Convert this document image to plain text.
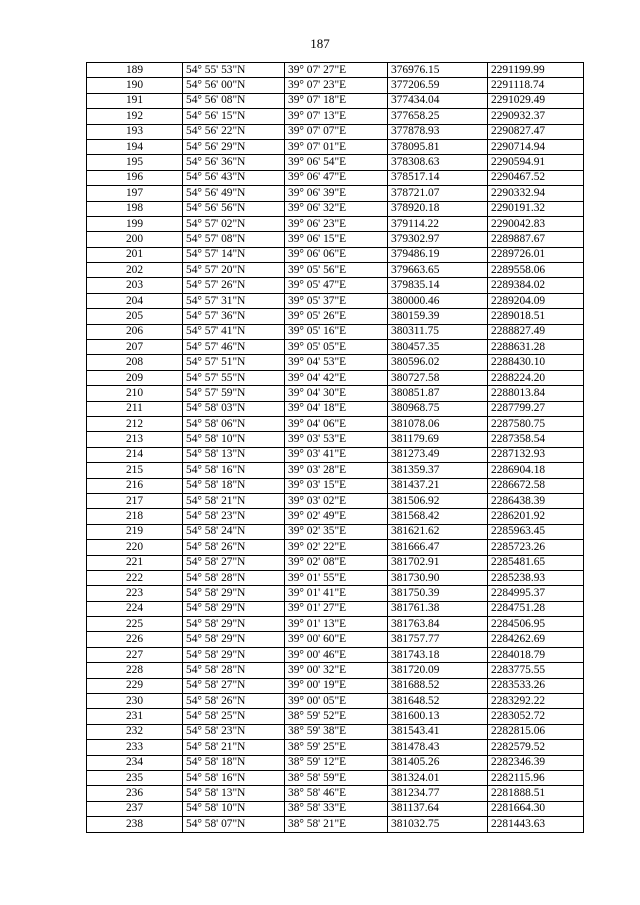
187
189	54° 55' 53"N	39° 07' 27"E	376976.15	2291199.99
190	54° 56' 00"N	39° 07' 23"E	377206.59	2291118.74
191	54° 56' 08"N	39° 07' 18"E	377434.04	2291029.49
192	54° 56' 15"N	39° 07' 13"E	377658.25	2290932.37
193	54° 56' 22"N	39° 07' 07"E	377878.93	2290827.47
194	54° 56' 29"N	39° 07' 01"E	378095.81	2290714.94
195	54° 56' 36"N	39° 06' 54"E	378308.63	2290594.91
196	54° 56' 43"N	39° 06' 47"E	378517.14	2290467.52
197	54° 56' 49"N	39° 06' 39"E	378721.07	2290332.94
198	54° 56' 56"N	39° 06' 32"E	378920.18	2290191.32
199	54° 57' 02"N	39° 06' 23"E	379114.22	2290042.83
200	54° 57' 08"N	39° 06' 15"E	379302.97	2289887.67
201	54° 57' 14"N	39° 06' 06"E	379486.19	2289726.01
202	54° 57' 20"N	39° 05' 56"E	379663.65	2289558.06
203	54° 57' 26"N	39° 05' 47"E	379835.14	2289384.02
204	54° 57' 31"N	39° 05' 37"E	380000.46	2289204.09
205	54° 57' 36"N	39° 05' 26"E	380159.39	2289018.51
206	54° 57' 41"N	39° 05' 16"E	380311.75	2288827.49
207	54° 57' 46"N	39° 05' 05"E	380457.35	2288631.28
208	54° 57' 51"N	39° 04' 53"E	380596.02	2288430.10
209	54° 57' 55"N	39° 04' 42"E	380727.58	2288224.20
210	54° 57' 59"N	39° 04' 30"E	380851.87	2288013.84
211	54° 58' 03"N	39° 04' 18"E	380968.75	2287799.27
212	54° 58' 06"N	39° 04' 06"E	381078.06	2287580.75
213	54° 58' 10"N	39° 03' 53"E	381179.69	2287358.54
214	54° 58' 13"N	39° 03' 41"E	381273.49	2287132.93
215	54° 58' 16"N	39° 03' 28"E	381359.37	2286904.18
216	54° 58' 18"N	39° 03' 15"E	381437.21	2286672.58
217	54° 58' 21"N	39° 03' 02"E	381506.92	2286438.39
218	54° 58' 23"N	39° 02' 49"E	381568.42	2286201.92
219	54° 58' 24"N	39° 02' 35"E	381621.62	2285963.45
220	54° 58' 26"N	39° 02' 22"E	381666.47	2285723.26
221	54° 58' 27"N	39° 02' 08"E	381702.91	2285481.65
222	54° 58' 28"N	39° 01' 55"E	381730.90	2285238.93
223	54° 58' 29"N	39° 01' 41"E	381750.39	2284995.37
224	54° 58' 29"N	39° 01' 27"E	381761.38	2284751.28
225	54° 58' 29"N	39° 01' 13"E	381763.84	2284506.95
226	54° 58' 29"N	39° 00' 60"E	381757.77	2284262.69
227	54° 58' 29"N	39° 00' 46"E	381743.18	2284018.79
228	54° 58' 28"N	39° 00' 32"E	381720.09	2283775.55
229	54° 58' 27"N	39° 00' 19"E	381688.52	2283533.26
230	54° 58' 26"N	39° 00' 05"E	381648.52	2283292.22
231	54° 58' 25"N	38° 59' 52"E	381600.13	2283052.72
232	54° 58' 23"N	38° 59' 38"E	381543.41	2282815.06
233	54° 58' 21"N	38° 59' 25"E	381478.43	2282579.52
234	54° 58' 18"N	38° 59' 12"E	381405.26	2282346.39
235	54° 58' 16"N	38° 58' 59"E	381324.01	2282115.96
236	54° 58' 13"N	38° 58' 46"E	381234.77	2281888.51
237	54° 58' 10"N	38° 58' 33"E	381137.64	2281664.30
238	54° 58' 07"N	38° 58' 21"E	381032.75	2281443.63
